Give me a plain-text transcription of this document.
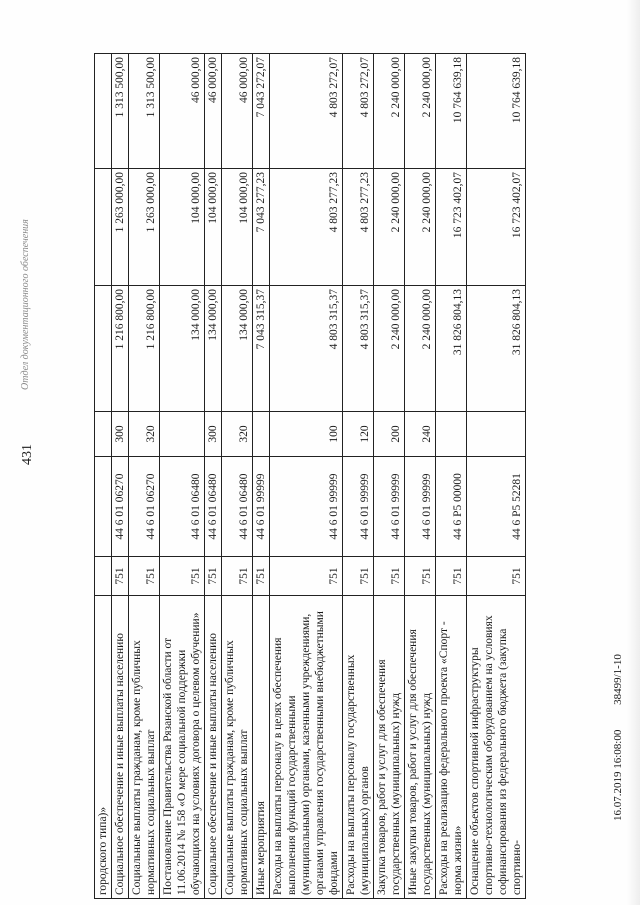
431
городского типа)»						
Социальное обеспечение и иные выплаты населению	751	44 6 01 06270	300	1 216 800,00	1 263 000,00	1 313 500,00
Социальные выплаты гражданам, кроме публичных нормативных социальных выплат	751	44 6 01 06270	320	1 216 800,00	1 263 000,00	1 313 500,00
Постановление Правительства Рязанской области от 11.06.2014 № 158 «О мере социальной поддержки обучающихся на условиях договора о целевом обучении»	751	44 6 01 06480		134 000,00	104 000,00	46 000,00
Социальное обеспечение и иные выплаты населению	751	44 6 01 06480	300	134 000,00	104 000,00	46 000,00
Социальные выплаты гражданам, кроме публичных нормативных социальных выплат	751	44 6 01 06480	320	134 000,00	104 000,00	46 000,00
Иные мероприятия	751	44 6 01 99999		7 043 315,37	7 043 277,23	7 043 272,07
Расходы на выплаты персоналу в целях обеспечения выполнения функций государственными (муниципальными) органами, казенными учреждениями, органами управления государственными внебюджетными фондами	751	44 6 01 99999	100	4 803 315,37	4 803 277,23	4 803 272,07
Расходы на выплаты персоналу государственных (муниципальных) органов	751	44 6 01 99999	120	4 803 315,37	4 803 277,23	4 803 272,07
Закупка товаров, работ и услуг для обеспечения государственных (муниципальных) нужд	751	44 6 01 99999	200	2 240 000,00	2 240 000,00	2 240 000,00
Иные закупки товаров, работ и услуг для обеспечения государственных (муниципальных) нужд	751	44 6 01 99999	240	2 240 000,00	2 240 000,00	2 240 000,00
Расходы на реализацию федерального проекта «Спорт - норма жизни»	751	44 6 P5 00000		31 826 804,13	16 723 402,07	10 764 639,18
Оснащение объектов спортивной инфраструктуры спортивно-технологическим оборудованием на условиях софинансирования из федерального бюджета (закупка спортивно-	751	44 6 P5 52281		31 826 804,13	16 723 402,07	10 764 639,18
Отдел документационного обеспечения
16.07.2019 16:08:00 38499/1-10
